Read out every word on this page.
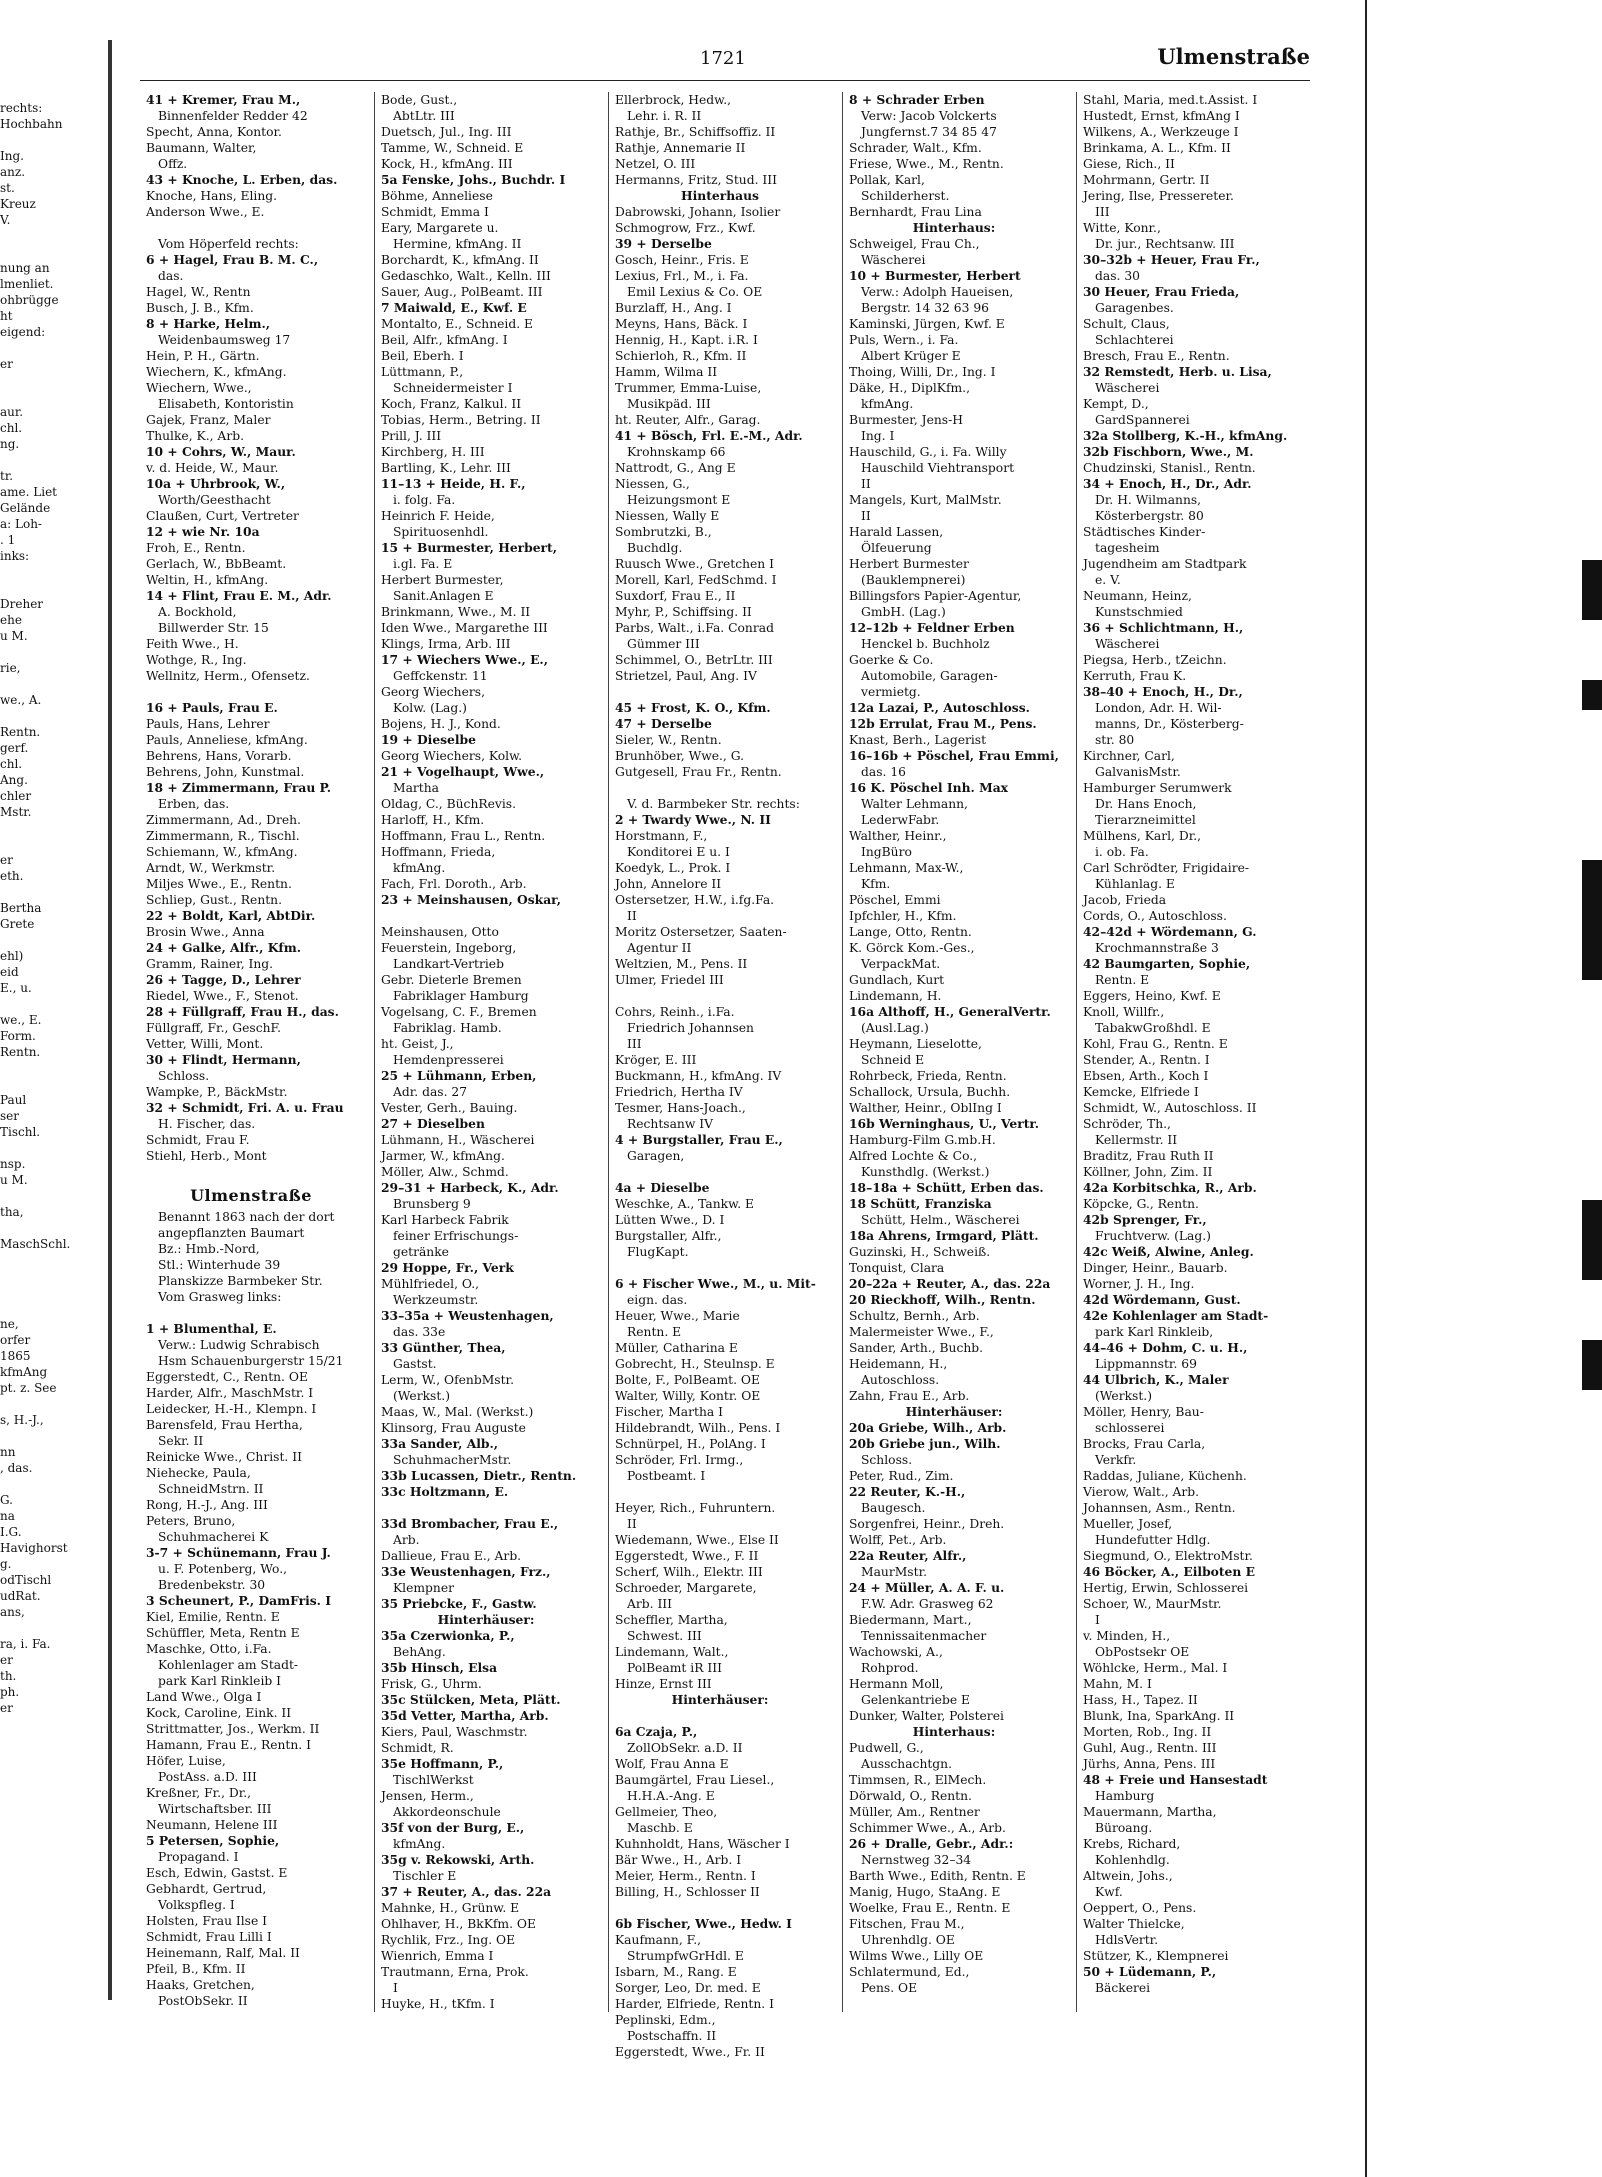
rechts:
Hochbahn

Ing.
anz.
st.
Kreuz
V.

nung an
lmenliet.
ohbrügge
ht
eigend:

er

aur.
chl.
ng.

tr.
ame. Liet
Gelände
a: Loh-
. 1
inks:

Dreher
ehe
u M.

rie,

we., A.

Rentn.
gerf.
chl.
Ang.
chler
Mstr.

er
eth.

Bertha
Grete

ehl)
eid
E., u.

we., E.
Form.
Rentn.

Paul
ser
Tischl.

nsp.
u M.

tha,

MaschSchl.

ne,
orfer
1865
kfmAng
pt. z. See

s, H.-J.,

nn
, das.

G.
na
I.G.
Havighorst
g.
odTischl
udRat.
ans,

ra, i. Fa.
er
th.
ph.
er
1721	Ulmenstraße
41 + Kremer, Frau M.,
Binnenfelder Redder 42
Specht, Anna, Kontor.
Baumann, Walter,
Offz.
43 + Knoche, L. Erben, das.
Knoche, Hans, Eling.
Anderson Wwe., E.

Vom Höperfeld rechts:
6 + Hagel, Frau B. M. C.,
das.
Hagel, W., Rentn
Busch, J. B., Kfm.
8 + Harke, Helm.,
Weidenbaumsweg 17
Hein, P. H., Gärtn.
Wiechern, K., kfmAng.
Wiechern, Wwe.,
Elisabeth, Kontoristin
Gajek, Franz, Maler
Thulke, K., Arb.
10 + Cohrs, W., Maur.
v. d. Heide, W., Maur.
10a + Uhrbrook, W.,
Worth/Geesthacht
Claußen, Curt, Vertreter
12 + wie Nr. 10a
Froh, E., Rentn.
Gerlach, W., BbBeamt.
Weltin, H., kfmAng.
14 + Flint, Frau E. M., Adr.
A. Bockhold,
Billwerder Str. 15
Feith Wwe., H.
Wothge, R., Ing.
Wellnitz, Herm., Ofensetz.

16 + Pauls, Frau E.
Pauls, Hans, Lehrer
Pauls, Anneliese, kfmAng.
Behrens, Hans, Vorarb.
Behrens, John, Kunstmal.
18 + Zimmermann, Frau P.
Erben, das.
Zimmermann, Ad., Dreh.
Zimmermann, R., Tischl.
Schiemann, W., kfmAng.
Arndt, W., Werkmstr.
Miljes Wwe., E., Rentn.
Schliep, Gust., Rentn.
22 + Boldt, Karl, AbtDir.
Brosin Wwe., Anna
24 + Galke, Alfr., Kfm.
Gramm, Rainer, Ing.
26 + Tagge, D., Lehrer
Riedel, Wwe., F., Stenot.
28 + Füllgraff, Frau H., das.
Füllgraff, Fr., GeschF.
Vetter, Willi, Mont.
30 + Flindt, Hermann,
Schloss.
Wampke, P., BäckMstr.
32 + Schmidt, Fri. A. u. Frau
H. Fischer, das.
Schmidt, Frau F.
Stiehl, Herb., Mont

Ulmenstraße
Benannt 1863 nach der dort
angepflanzten Baumart
Bz.: Hmb.-Nord,
Stl.: Winterhude 39
Planskizze Barmbeker Str.
Vom Grasweg links:

1 + Blumenthal, E.
Verw.: Ludwig Schrabisch
Hsm Schauenburgerstr 15/21
Eggerstedt, C., Rentn. OE
Harder, Alfr., MaschMstr. I
Leidecker, H.-H., Klempn. I
Barensfeld, Frau Hertha,
Sekr. II
Reinicke Wwe., Christ. II
Niehecke, Paula,
SchneidMstrn. II
Rong, H.-J., Ang. III
Peters, Bruno,
Schuhmacherei K
3-7 + Schünemann, Frau J.
u. F. Potenberg, Wo.,
Bredenbekstr. 30
3 Scheunert, P., DamFris. I
Kiel, Emilie, Rentn. E
Schüffler, Meta, Rentn E
Maschke, Otto, i.Fa.
Kohlenlager am Stadt-
park Karl Rinkleib I
Land Wwe., Olga I
Kock, Caroline, Eink. II
Strittmatter, Jos., Werkm. II
Hamann, Frau E., Rentn. I
Höfer, Luise,
PostAss. a.D. III
Kreßner, Fr., Dr.,
Wirtschaftsber. III
Neumann, Helene III
5 Petersen, Sophie,
Propagand. I
Esch, Edwin, Gastst. E
Gebhardt, Gertrud,
Volkspfleg. I
Holsten, Frau Ilse I
Schmidt, Frau Lilli I
Heinemann, Ralf, Mal. II
Pfeil, B., Kfm. II
Haaks, Gretchen,
PostObSekr. II
Bode, Gust.,
AbtLtr. III
Duetsch, Jul., Ing. III
Tamme, W., Schneid. E
Kock, H., kfmAng. III
5a Fenske, Johs., Buchdr. I
Böhme, Anneliese
Schmidt, Emma I
Eary, Margarete u.
Hermine, kfmAng. II
Borchardt, K., kfmAng. II
Gedaschko, Walt., Kelln. III
Sauer, Aug., PolBeamt. III
7 Maiwald, E., Kwf. E
Montalto, E., Schneid. E
Beil, Alfr., kfmAng. I
Beil, Eberh. I
Lüttmann, P.,
Schneidermeister I
Koch, Franz, Kalkul. II
Tobias, Herm., Betring. II
Prill, J. III
Kirchberg, H. III
Bartling, K., Lehr. III
11–13 + Heide, H. F.,
i. folg. Fa.
Heinrich F. Heide,
Spirituosenhdl.
15 + Burmester, Herbert,
i.gl. Fa. E
Herbert Burmester,
Sanit.Anlagen E
Brinkmann, Wwe., M. II
Iden Wwe., Margarethe III
Klings, Irma, Arb. III
17 + Wiechers Wwe., E.,
Geffckenstr. 11
Georg Wiechers,
Kolw. (Lag.)
Bojens, H. J., Kond.
19 + Dieselbe
Georg Wiechers, Kolw.
21 + Vogelhaupt, Wwe.,
Martha
Oldag, C., BüchRevis.
Harloff, H., Kfm.
Hoffmann, Frau L., Rentn.
Hoffmann, Frieda,
kfmAng.
Fach, Frl. Doroth., Arb.
23 + Meinshausen, Oskar,

Meinshausen, Otto
Feuerstein, Ingeborg,
Landkart-Vertrieb
Gebr. Dieterle Bremen
Fabriklager Hamburg
Vogelsang, C. F., Bremen
Fabriklag. Hamb.
ht. Geist, J.,
Hemdenpresserei
25 + Lühmann, Erben,
Adr. das. 27
Vester, Gerh., Bauing.
27 + Dieselben
Lühmann, H., Wäscherei
Jarmer, W., kfmAng.
Möller, Alw., Schmd.
29–31 + Harbeck, K., Adr.
Brunsberg 9
Karl Harbeck Fabrik
feiner Erfrischungs-
getränke
29 Hoppe, Fr., Verk
Mühlfriedel, O.,
Werkzeumstr.
33–35a + Weustenhagen,
das. 33e
33 Günther, Thea,
Gastst.
Lerm, W., OfenbMstr.
(Werkst.)
Maas, W., Mal. (Werkst.)
Klinsorg, Frau Auguste
33a Sander, Alb.,
SchuhmacherMstr.
33b Lucassen, Dietr., Rentn.
33c Holtzmann, E.

33d Brombacher, Frau E.,
Arb.
Dallieue, Frau E., Arb.
33e Weustenhagen, Frz.,
Klempner
35 Priebcke, F., Gastw.
Hinterhäuser:
35a Czerwionka, P.,
BehAng.
35b Hinsch, Elsa
Frisk, G., Uhrm.
35c Stülcken, Meta, Plätt.
35d Vetter, Martha, Arb.
Kiers, Paul, Waschmstr.
Schmidt, R.
35e Hoffmann, P.,
TischlWerkst
Jensen, Herm.,
Akkordeonschule
35f von der Burg, E.,
kfmAng.
35g v. Rekowski, Arth.
Tischler E
37 + Reuter, A., das. 22a
Mahnke, H., Grünw. E
Ohlhaver, H., BkKfm. OE
Rychlik, Frz., Ing. OE
Wienrich, Emma I
Trautmann, Erna, Prok.
I
Huyke, H., tKfm. I
Ellerbrock, Hedw.,
Lehr. i. R. II
Rathje, Br., Schiffsoffiz. II
Rathje, Annemarie II
Netzel, O. III
Hermanns, Fritz, Stud. III
Hinterhaus
Dabrowski, Johann, Isolier
Schmogrow, Frz., Kwf.
39 + Derselbe
Gosch, Heinr., Fris. E
Lexius, Frl., M., i. Fa.
Emil Lexius & Co. OE
Burzlaff, H., Ang. I
Meyns, Hans, Bäck. I
Hennig, H., Kapt. i.R. I
Schierloh, R., Kfm. II
Hamm, Wilma II
Trummer, Emma-Luise,
Musikpäd. III
ht. Reuter, Alfr., Garag.
41 + Bösch, Frl. E.-M., Adr.
Krohnskamp 66
Nattrodt, G., Ang E
Niessen, G.,
Heizungsmont E
Niessen, Wally E
Sombrutzki, B.,
Buchdlg.
Ruusch Wwe., Gretchen I
Morell, Karl, FedSchmd. I
Suxdorf, Frau E., II
Myhr, P., Schiffsing. II
Parbs, Walt., i.Fa. Conrad
Gümmer III
Schimmel, O., BetrLtr. III
Strietzel, Paul, Ang. IV

45 + Frost, K. O., Kfm.
47 + Derselbe
Sieler, W., Rentn.
Brunhöber, Wwe., G.
Gutgesell, Frau Fr., Rentn.

V. d. Barmbeker Str. rechts:
2 + Twardy Wwe., N. II
Horstmann, F.,
Konditorei E u. I
Koedyk, L., Prok. I
John, Annelore II
Ostersetzer, H.W., i.fg.Fa.
II
Moritz Ostersetzer, Saaten-
Agentur II
Weltzien, M., Pens. II
Ulmer, Friedel III

Cohrs, Reinh., i.Fa.
Friedrich Johannsen
III
Kröger, E. III
Buckmann, H., kfmAng. IV
Friedrich, Hertha IV
Tesmer, Hans-Joach.,
Rechtsanw IV
4 + Burgstaller, Frau E.,
Garagen,

4a + Dieselbe
Weschke, A., Tankw. E
Lütten Wwe., D. I
Burgstaller, Alfr.,
FlugKapt.

6 + Fischer Wwe., M., u. Mit-
eign. das.
Heuer, Wwe., Marie
Rentn. E
Müller, Catharina E
Gobrecht, H., Steulnsp. E
Bolte, F., PolBeamt. OE
Walter, Willy, Kontr. OE
Fischer, Martha I
Hildebrandt, Wilh., Pens. I
Schnürpel, H., PolAng. I
Schröder, Frl. Irmg.,
Postbeamt. I

Heyer, Rich., Fuhruntern.
II
Wiedemann, Wwe., Else II
Eggerstedt, Wwe., F. II
Scherf, Wilh., Elektr. III
Schroeder, Margarete,
Arb. III
Scheffler, Martha,
Schwest. III
Lindemann, Walt.,
PolBeamt iR III
Hinze, Ernst III
Hinterhäuser:

6a Czaja, P.,
ZollObSekr. a.D. II
Wolf, Frau Anna E
Baumgärtel, Frau Liesel.,
H.H.A.-Ang. E
Gellmeier, Theo,
Maschb. E
Kuhnholdt, Hans, Wäscher I
Bär Wwe., H., Arb. I
Meier, Herm., Rentn. I
Billing, H., Schlosser II

6b Fischer, Wwe., Hedw. I
Kaufmann, F.,
StrumpfwGrHdl. E
Isbarn, M., Rang. E
Sorger, Leo, Dr. med. E
Harder, Elfriede, Rentn. I
Peplinski, Edm.,
Postschaffn. II
Eggerstedt, Wwe., Fr. II
8 + Schrader Erben
Verw: Jacob Volckerts
Jungfernst.7 34 85 47
Schrader, Walt., Kfm.
Friese, Wwe., M., Rentn.
Pollak, Karl,
Schilderherst.
Bernhardt, Frau Lina
Hinterhaus:
Schweigel, Frau Ch.,
Wäscherei
10 + Burmester, Herbert
Verw.: Adolph Haueisen,
Bergstr. 14 32 63 96
Kaminski, Jürgen, Kwf. E
Puls, Wern., i. Fa.
Albert Krüger E
Thoing, Willi, Dr., Ing. I
Däke, H., DiplKfm.,
kfmAng.
Burmester, Jens-H
Ing. I
Hauschild, G., i. Fa. Willy
Hauschild Viehtransport
II
Mangels, Kurt, MalMstr.
II
Harald Lassen,
Ölfeuerung
Herbert Burmester
(Bauklempnerei)
Billingsfors Papier-Agentur,
GmbH. (Lag.)
12–12b + Feldner Erben
Henckel b. Buchholz
Goerke & Co.
Automobile, Garagen-
vermietg.
12a Lazai, P., Autoschloss.
12b Errulat, Frau M., Pens.
Knast, Berh., Lagerist
16–16b + Pöschel, Frau Emmi,
das. 16
16 K. Pöschel Inh. Max
Walter Lehmann,
LederwFabr.
Walther, Heinr.,
IngBüro
Lehmann, Max-W.,
Kfm.
Pöschel, Emmi
Ipfchler, H., Kfm.
Lange, Otto, Rentn.
K. Görck Kom.-Ges.,
VerpackMat.
Gundlach, Kurt
Lindemann, H.
16a Althoff, H., GeneralVertr.
(Ausl.Lag.)
Heymann, Lieselotte,
Schneid E
Rohrbeck, Frieda, Rentn.
Schallock, Ursula, Buchh.
Walther, Heinr., OblIng I
16b Werninghaus, U., Vertr.
Hamburg-Film G.mb.H.
Alfred Lochte & Co.,
Kunsthdlg. (Werkst.)
18–18a + Schütt, Erben das.
18 Schütt, Franziska
Schütt, Helm., Wäscherei
18a Ahrens, Irmgard, Plätt.
Guzinski, H., Schweiß.
Tonquist, Clara
20–22a + Reuter, A., das. 22a
20 Rieckhoff, Wilh., Rentn.
Schultz, Bernh., Arb.
Malermeister Wwe., F.,
Sander, Arth., Buchb.
Heidemann, H.,
Autoschloss.
Zahn, Frau E., Arb.
Hinterhäuser:
20a Griebe, Wilh., Arb.
20b Griebe jun., Wilh.
Schloss.
Peter, Rud., Zim.
22 Reuter, K.-H.,
Baugesch.
Sorgenfrei, Heinr., Dreh.
Wolff, Pet., Arb.
22a Reuter, Alfr.,
MaurMstr.
24 + Müller, A. A. F. u.
F.W. Adr. Grasweg 62
Biedermann, Mart.,
Tennissaitenmacher
Wachowski, A.,
Rohprod.
Hermann Moll,
Gelenkantriebe E
Dunker, Walter, Polsterei
Hinterhaus:
Pudwell, G.,
Ausschachtgn.
Timmsen, R., ElMech.
Dörwald, O., Rentn.
Müller, Am., Rentner
Schimmer Wwe., A., Arb.
26 + Dralle, Gebr., Adr.:
Nernstweg 32–34
Barth Wwe., Edith, Rentn. E
Manig, Hugo, StaAng. E
Woelke, Frau E., Rentn. E
Fitschen, Frau M.,
Uhrenhdlg. OE
Wilms Wwe., Lilly OE
Schlatermund, Ed.,
Pens. OE
Stahl, Maria, med.t.Assist. I
Hustedt, Ernst, kfmAng I
Wilkens, A., Werkzeuge I
Brinkama, A. L., Kfm. II
Giese, Rich., II
Mohrmann, Gertr. II
Jering, Ilse, Pressereter.
III
Witte, Konr.,
Dr. jur., Rechtsanw. III
30–32b + Heuer, Frau Fr.,
das. 30
30 Heuer, Frau Frieda,
Garagenbes.
Schult, Claus,
Schlachterei
Bresch, Frau E., Rentn.
32 Remstedt, Herb. u. Lisa,
Wäscherei
Kempt, D.,
GardSpannerei
32a Stollberg, K.-H., kfmAng.
32b Fischborn, Wwe., M.
Chudzinski, Stanisl., Rentn.
34 + Enoch, H., Dr., Adr.
Dr. H. Wilmanns,
Kösterbergstr. 80
Städtisches Kinder-
tagesheim
Jugendheim am Stadtpark
e. V.
Neumann, Heinz,
Kunstschmied
36 + Schlichtmann, H.,
Wäscherei
Piegsa, Herb., tZeichn.
Kerruth, Frau K.
38–40 + Enoch, H., Dr.,
London, Adr. H. Wil-
manns, Dr., Kösterberg-
str. 80
Kirchner, Carl,
GalvanisMstr.
Hamburger Serumwerk
Dr. Hans Enoch,
Tierarzneimittel
Mülhens, Karl, Dr.,
i. ob. Fa.
Carl Schrödter, Frigidaire-
Kühlanlag. E
Jacob, Frieda
Cords, O., Autoschloss.
42–42d + Wördemann, G.
Krochmannstraße 3
42 Baumgarten, Sophie,
Rentn. E
Eggers, Heino, Kwf. E
Knoll, Willfr.,
TabakwGroßhdl. E
Kohl, Frau G., Rentn. E
Stender, A., Rentn. I
Ebsen, Arth., Koch I
Kemcke, Elfriede I
Schmidt, W., Autoschloss. II
Schröder, Th.,
Kellermstr. II
Braditz, Frau Ruth II
Köllner, John, Zim. II
42a Korbitschka, R., Arb.
Köpcke, G., Rentn.
42b Sprenger, Fr.,
Fruchtverw. (Lag.)
42c Weiß, Alwine, Anleg.
Dinger, Heinr., Bauarb.
Worner, J. H., Ing.
42d Wördemann, Gust.
42e Kohlenlager am Stadt-
park Karl Rinkleib,
44–46 + Dohm, C. u. H.,
Lippmannstr. 69
44 Ulbrich, K., Maler
(Werkst.)
Möller, Henry, Bau-
schlosserei
Brocks, Frau Carla,
Verkfr.
Raddas, Juliane, Küchenh.
Vierow, Walt., Arb.
Johannsen, Asm., Rentn.
Mueller, Josef,
Hundefutter Hdlg.
Siegmund, O., ElektroMstr.
46 Böcker, A., Eilboten E
Hertig, Erwin, Schlosserei
Schoer, W., MaurMstr.
I
v. Minden, H.,
ObPostsekr OE
Wöhlcke, Herm., Mal. I
Mahn, M. I
Hass, H., Tapez. II
Blunk, Ina, SparkAng. II
Morten, Rob., Ing. II
Guhl, Aug., Rentn. III
Jürhs, Anna, Pens. III
48 + Freie und Hansestadt
Hamburg
Mauermann, Martha,
Büroang.
Krebs, Richard,
Kohlenhdlg.
Altwein, Johs.,
Kwf.
Oeppert, O., Pens.
Walter Thielcke,
HdlsVertr.
Stützer, K., Klempnerei
50 + Lüdemann, P.,
Bäckerei
